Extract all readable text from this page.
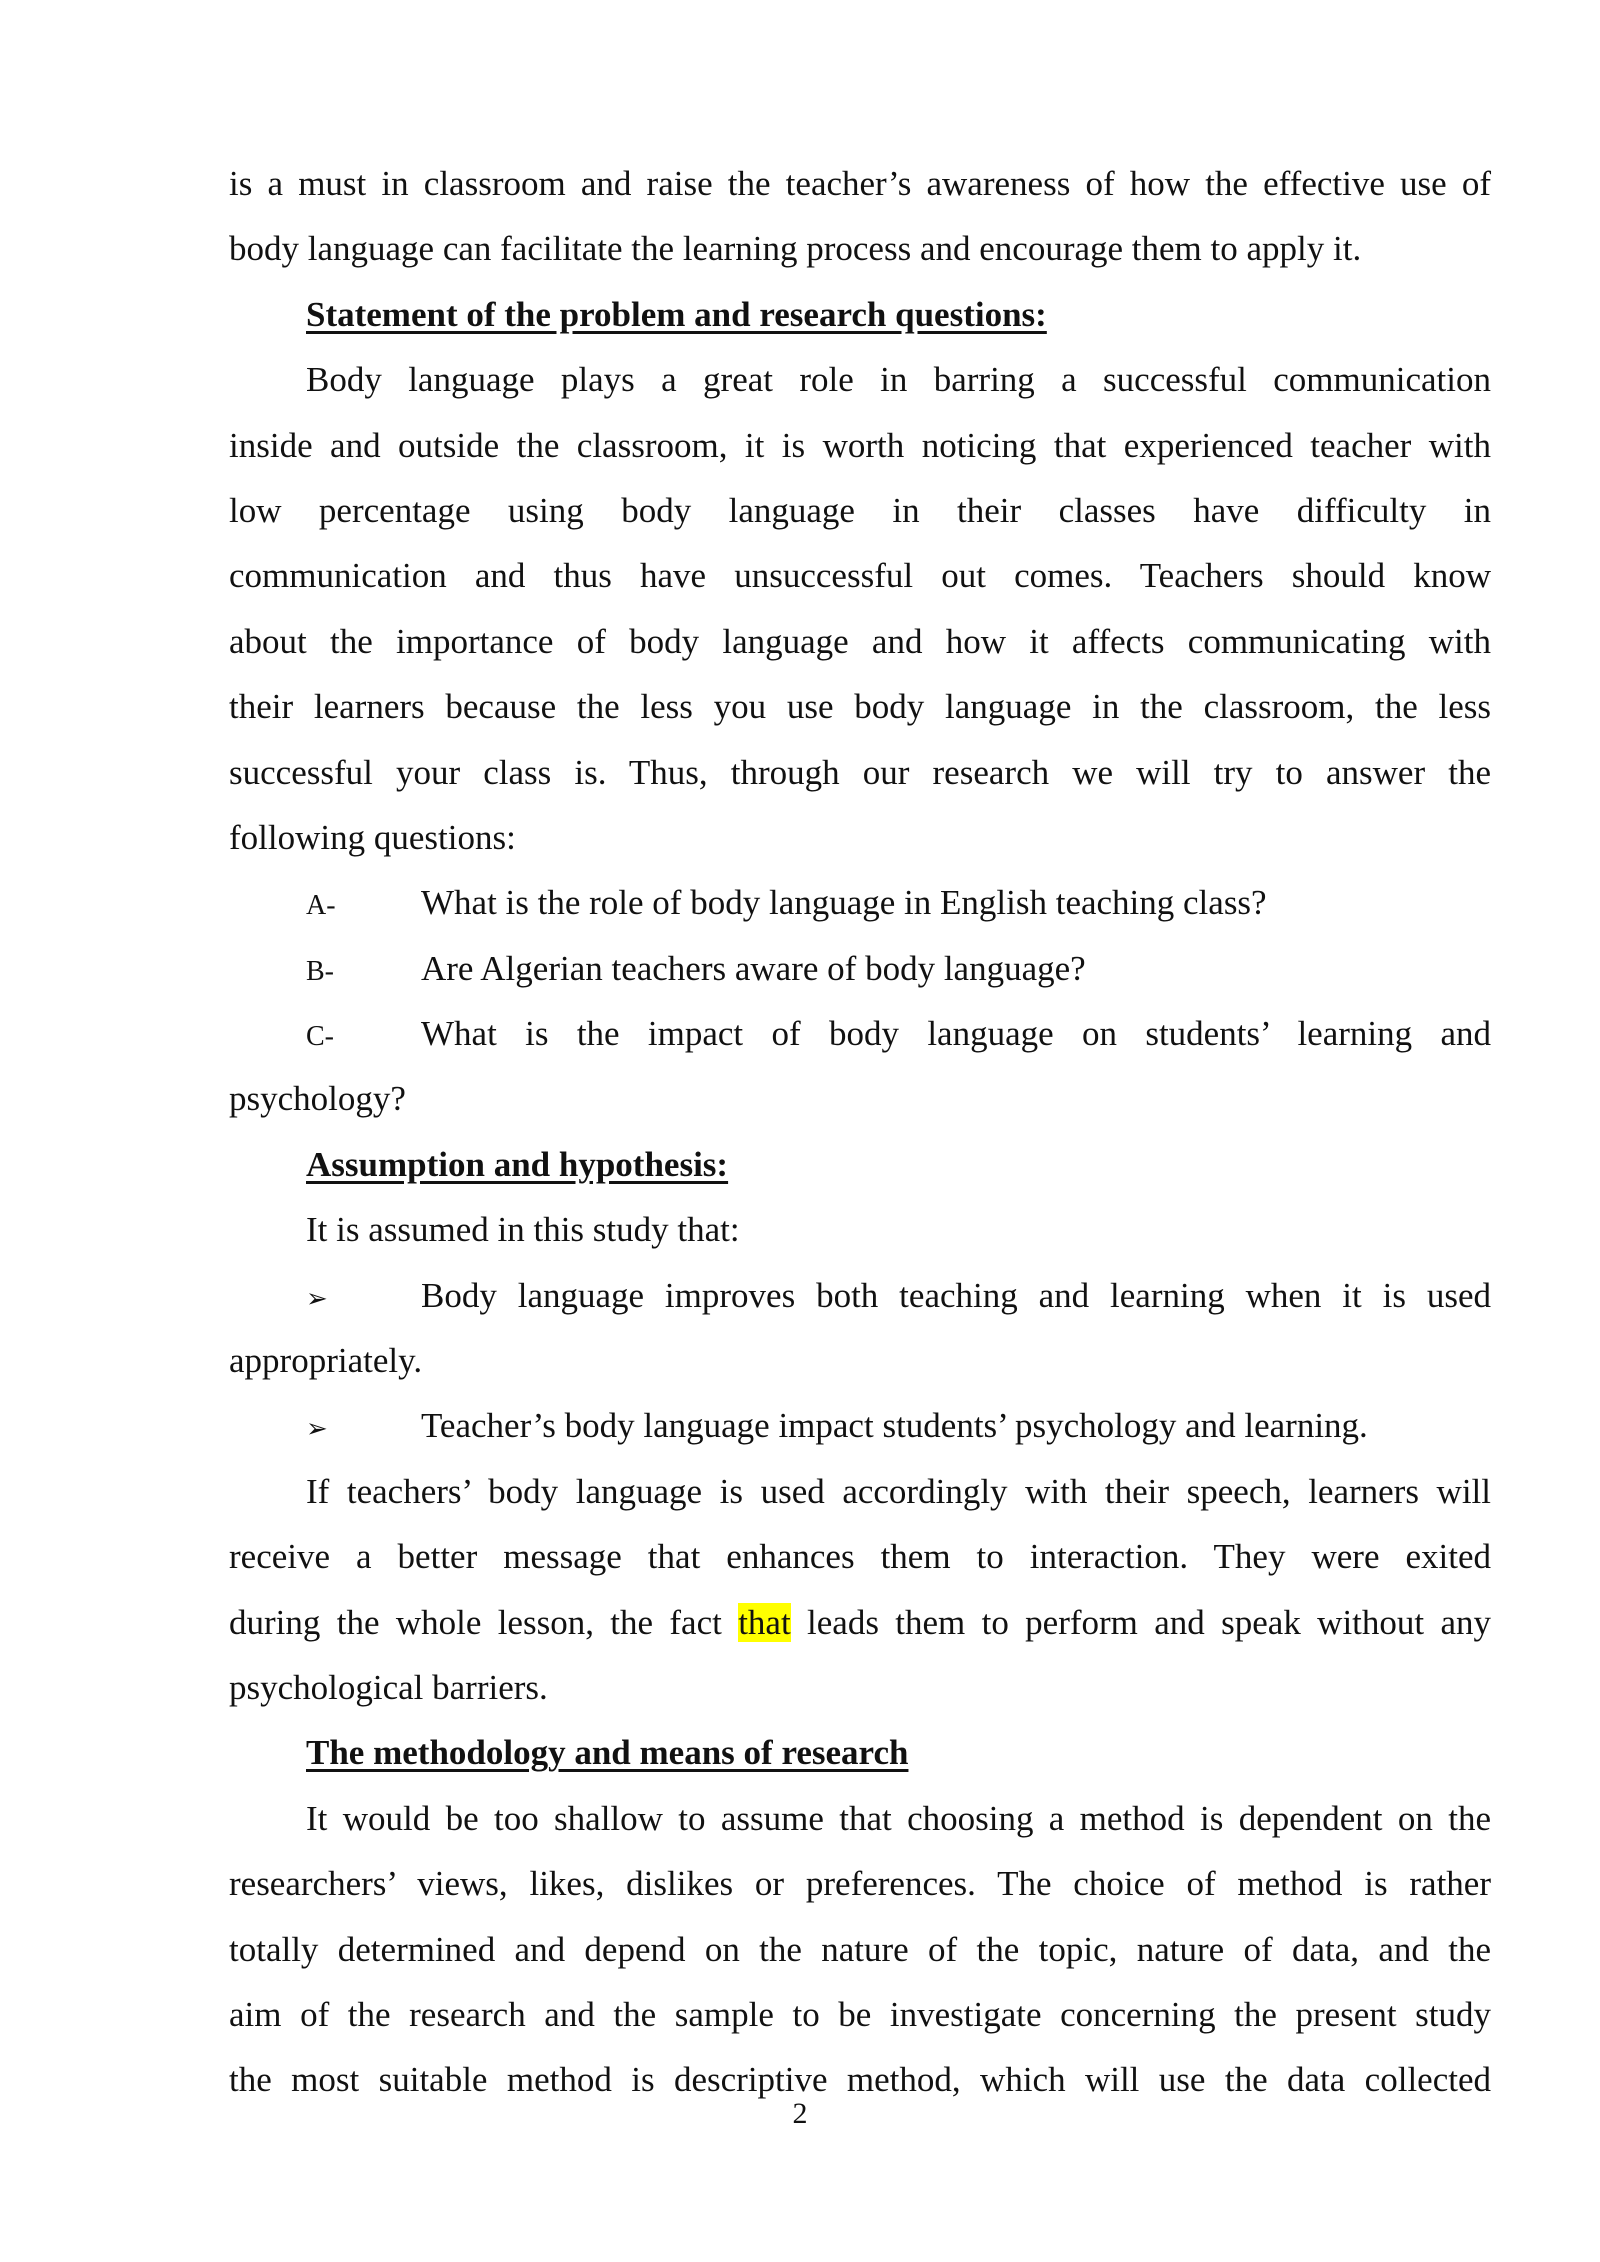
is a must in classroom and raise the teacher’s awareness of how the effective use of
body language can facilitate the learning process and encourage them to apply it.
Statement of the problem and research questions:
Body language plays a great role in barring a successful communication
inside and outside the classroom, it is worth noticing that experienced teacher with
low percentage using body language in their classes have difficulty in
communication and thus have unsuccessful out comes. Teachers should know
about the importance of body language and how it affects communicating with
their learners because the less you use body language in the classroom, the less
successful your class is. Thus, through our research we will try to answer the
following questions:
A-	What is the role of body language in English teaching class?
B-	Are Algerian teachers aware of body language?
C-	What is the impact of body language on students’ learning and
psychology?
Assumption and hypothesis:
It is assumed in this study that:
➢	Body language improves both teaching and learning when it is used
appropriately.
➢	Teacher’s body language impact students’ psychology and learning.
If teachers’ body language is used accordingly with their speech, learners will
receive a better message that enhances them to interaction. They were exited
during the whole lesson, the fact that leads them to perform and speak without any
psychological barriers.
The methodology and means of research
It would be too shallow to assume that choosing a method is dependent on the
researchers’ views, likes, dislikes or preferences. The choice of method is rather
totally determined and depend on the nature of the topic, nature of data, and the
aim of the research and the sample to be investigate concerning the present study
the most suitable method is descriptive method, which will use the data collected
2
